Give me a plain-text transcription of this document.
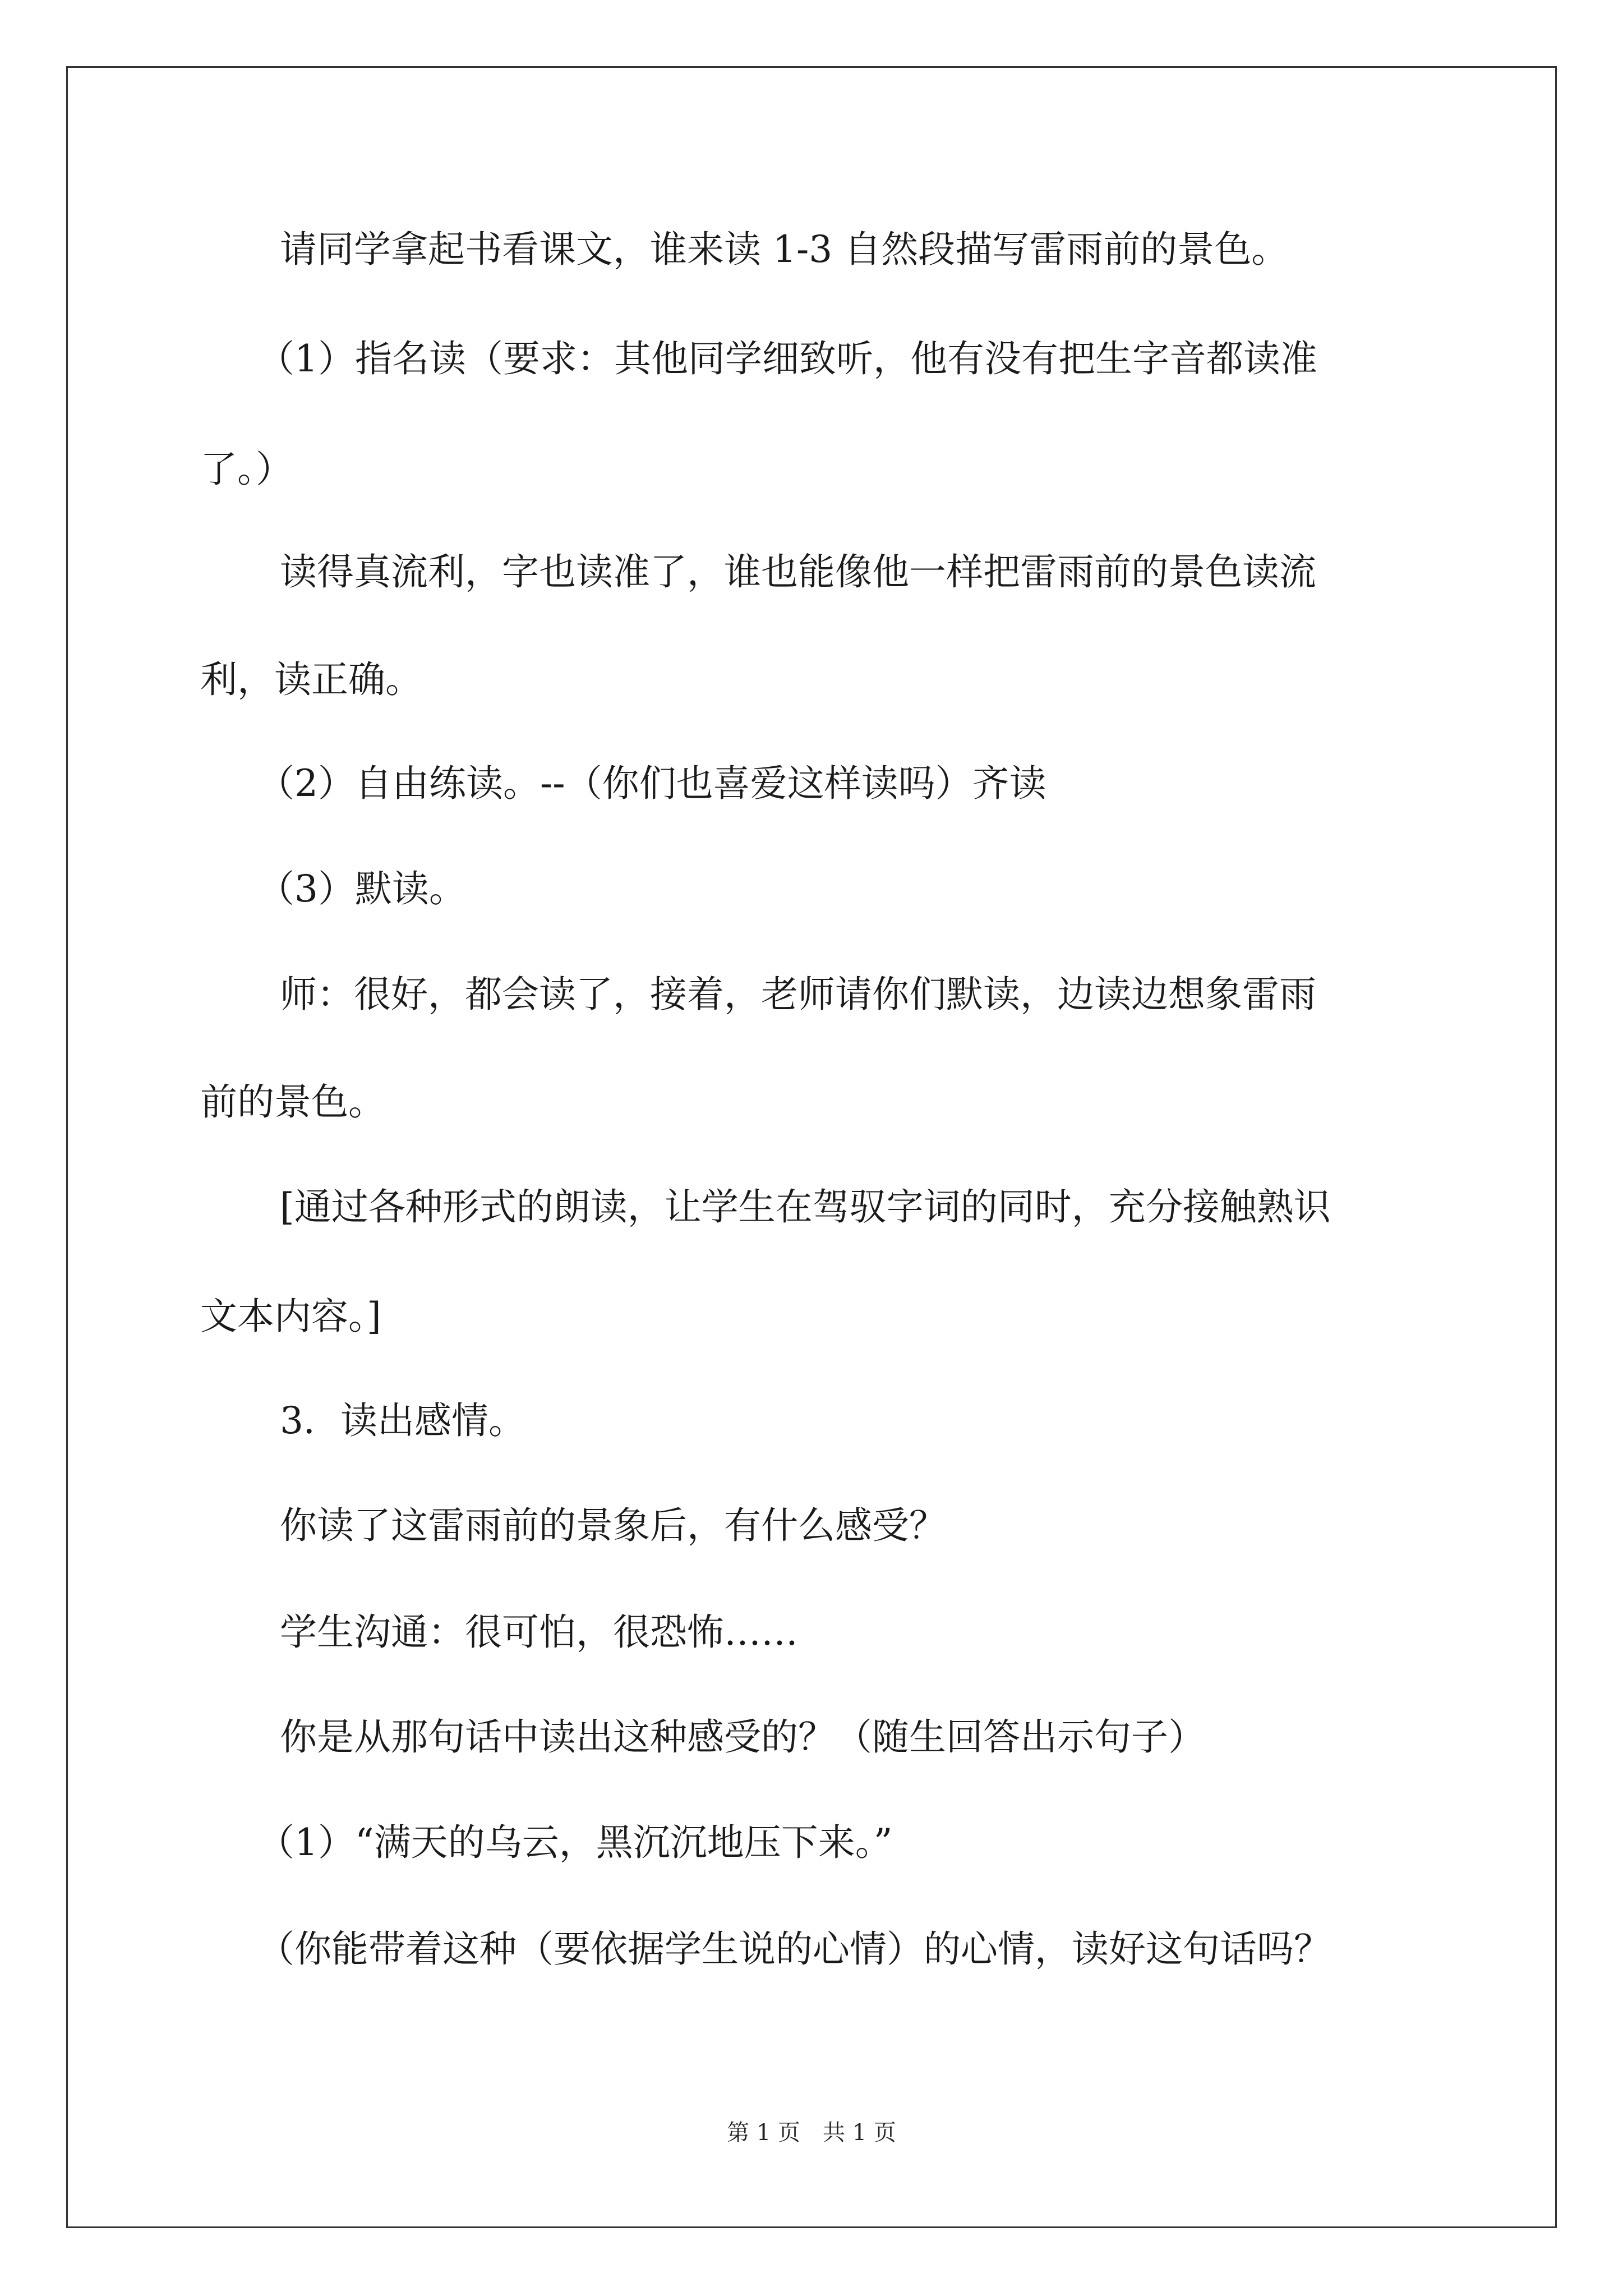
请同学拿起书看课文，谁来读 1-3 自然段描写雷雨前的景色。
（1）指名读（要求：其他同学细致听，他有没有把生字音都读准
了。）
读得真流利，字也读准了，谁也能像他一样把雷雨前的景色读流
利，读正确。
（2）自由练读。--（你们也喜爱这样读吗）齐读
（3）默读。
师：很好，都会读了，接着，老师请你们默读，边读边想象雷雨
前的景色。
[通过各种形式的朗读，让学生在驾驭字词的同时，充分接触熟识
文本内容。]
3．读出感情。
你读了这雷雨前的景象后，有什么感受？
学生沟通：很可怕，很恐怖……
你是从那句话中读出这种感受的？（随生回答出示句子）
（1）“满天的乌云，黑沉沉地压下来。”
（你能带着这种（要依据学生说的心情）的心情，读好这句话吗？
第 1 页　共 1 页
